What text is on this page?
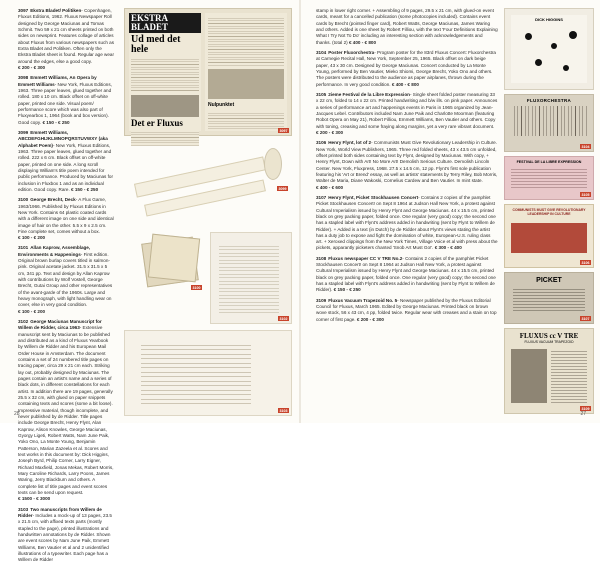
3097 Ekstra Bladet/ Politiken- Copenhagen, Fluxus Editions, 1962. Fluxus Newspaper Roll designed by George Maciunas and Tomas Schmit. Two 59 x 21 cm sheets printed on both sides on newsprint. Features collage of articles about Fluxus from various newspapers such as Extra Bladet and Politiken. Often only the Ekstra Bladet sheet is found. Regular age wear around the edges, else a good copy. € 200 - € 300

3098 Emmett Williams, An Opera by Emmett Williams- New York, Fluxus Editions, 1963. Three paper leaves, glued together and rolled. 180 x 10 cm. Black offset on off-white paper, printed one side. Visual poem/ performance score which was also part of Fluxyearbox 1, 1964 (book and box version). Good copy. € 150 - € 250

3099 Emmett Williams, ABCDEFGHIJKLMNOPQRSTUVWXY (aka Alphabet Poem)- New York, Fluxus Editions, 1963. Three paper leaves, glued together and rolled. 222 x 6 cm. Black offset on off-white paper, printed on one side. A long scroll displaying William's title poem intended for public performance. Produced by Maciunas for inclusion in Fluxbox 1 and as an individual edition. Good copy. Rare. € 150 - € 250

3100 George Brecht, Deck- A Flux Game, 1963/1966. Published by Fluxus Editions in New York. Contains 64 plastic coated cards with a different image on one side and identical image of hair on the other. 5.5 x 9 x 2.5 cm. Fine complete set, comes without a box. € 100 - € 200

3101 Allan Kaprow, Assemblage, Environments & Happenings- First edition. Original brown burlap covers titled in salmon-pink. Original acetate jacket. 31.5 x 31.5 x 5 cm, 341 pp. Text and design by Allan Kaprow with contributions by Wolf Vostell, George Brecht, Gutai Group and other representatives of the avant-garde of the 1960s. Large and heavy monograph, with light handling wear on cover, else in very good condition. € 100 - € 200

3102 George Maciunas Manuscript for Willem de Ridder, circa 1963- Extensive manuscript sent by Maciunas to be published and distributed as a kind of Fluxus Yearbook by Willem de Ridder and his European Mail Order House in Amsterdam. The document contains a set of 24 numbered title pages on tracing paper, circa 29 x 21 cm each. Striking lay out, probably designed by Maciunas. The pages contain an artist's name and a series of black dots, in different constellations for each artist. In addition there are 19 pages, generally 25.5 x 32 cm, with glued on paper snippets containing texts and scores (some a bit loose). Impressive material, though incomplete, and never published by de Ridder. Title pages include George Brecht, Henry Flynt, Alan Kaprow, Alison Knowles, George Maciunas, Gyorgy Ligeti, Robert Watts, Nam June Paik, Yoko Ono, La Monte Young, Benjamin Patterson, Marian Zazeela et al. Scores and text works in this document by: Dick Higgins, Joseph Byrd, Philip Corner, Larry Eigner, Richard Maxfield, Jonas Mekas, Robert Morris, Mary Caroline Richards, Larry Poons, James Waring, Jerry Blackburn and others. A complete list of title pages and event scores texts can be send upon request. € 1500 - € 3000

3103 Two manuscripts from Willem de Ridder- Includes a mock-up of 13 pages, 23.5 x 21.5 cm, with affixed texts parts (mostly stapled to the page), printed illustrations and handwritten annotations by de Ridder. Shown are event scores by Nam June Paik, Emmett Williams, Ben Vautier et al and 2 unidentified illustrations of a typewriter. Each page has a Willem de Ridder

EKSTRA BLADET
Ud med det hele
Det er Fluxus
Nulpunktet
3097
3099
3100
3102
3103
28

stamp in lower right corner. + Assembling of 9 pages, 29.5 x 21 cm, with glued-on event cards, meant for a cancelled publication (some photocopies included). Contains event cards by Brecht (pointed finger card), Robert Watts, George Maciunas, James Waring and others. Added is one sheet by Robert Filliou, with the text 'Four Definitions Explaining What I Try Not To Do' including an interesting section with acknowledgements and thanks. (total 2) € 400 - € 800

3104 Poster Fluxorchestra- Program poster for the 83rd Fluxus Concert: Fluxorchestra at Carnegie Recital Hall, New York, September 25, 1965. Black offset on dark beige paper, 43 x 30 cm. Designed by George Maciunas. Concert conducted by La Monte Young, performed by Ben Vautier, Mieko Shiomi, George Brecht, Yoko Ono and others. The posters were distributed to the audience as paper airplanes, thrown during the performance. In very good condition. € 400 - € 800

3105 2ieme Festival de la Libre Expression- Single sheet folded poster measuring 33 x 22 cm, folded to 14 x 22 cm. Printed handwriting and b/w ills. on pink paper. Announces a series of performance art and happenings events in Paris in 1965 organized by Jean-Jacques Lebel. Contributors included Nam June Paik and Charlotte Moorman (featuring Robot Opera on May 21), Robert Filliou, Emmett Williams, Ben Vautier and others. Copy with toning, creasing and some fraying along margins, yet a very rare vibrant document. € 200 - € 300

3106 Henry Flynt, lot of 2- Communists Must Give Revolutionary Leadership in Culture. New York, World View Publishers, 1965. Three red folded sheets, 43 x 43.5 cm unfolded, offset printed both sides containing text by Flynt, designed by Maciunas. With copy, + Henry Flynt, Down with Art! No More Art! Demolish Serious Culture. Demolish Lincoln Center. New York, Fluxpress, 1968. 27.5 x 14.5 cm, 12 pp. Flynt's first sole publication featuring his 'Art or Brend' essay, as well as artists' statements by Terry Riley, Bob Morris, Walter de Maria, Diane Wakoski, Cornelius Cardew and Ben Vautier. In mint state. € 400 - € 600

3107 Henry Flynt, Picket Stockhausen Concert- Contains 2 copies of the pamphlet Picket Stockhausen Concert! on Sept 8 1964 at Judson Hall New York, a protest against Cultural Imperialism issued by Henry Flynt and George Maciunas. 44 x 15.5 cm, printed black on grey packing paper, folded once. One regular (very good) copy; the second one has a stapled label with Flynt's address added in handwriting (sent by Flynt to Willem de Ridder). + Added is a text (in Dutch) by de Ridder about Flynt's views stating the artist has a duty job to expose and fight the domination of white, European-U.S. ruling class art. + Xeroxed clippings from the New York Times, Village Voice et al with press about the pickets, apparantly picketers chanted 'Snob Art Must Go!'. € 300 - € 400

3108 Fluxus newspaper CC V TRE No.2- Contains 2 copies of the pamphlet Picket Stockhausen Concert! on Sept 8 1964 at Judson Hall New York, a protest against Cultural Imperialism issued by Henry Flynt and George Maciunas. 44 x 15.5 cm, printed black on grey packing paper, folded once. One regular (very good) copy; the second one has a stapled label with Flynt's address added in handwriting (sent by Flynt to Willem de Ridder). € 150 - € 250

3109 Fluxus Vacuum Trapezoid No. 5- Newspaper published by the Fluxus Editorial Council for Fluxus, March 1965. Edited by George Maciunas. Printed black on brown wove stock, 56 x 43 cm, 4 pp, folded twice. Regular wear with creases and a stain on top corner of first page. € 200 - € 300

DICK HIGGINS
FLUXORCHESTRA
3104
FESTIVAL DE LA LIBRE EXPRESSION
3105
COMMUNISTS MUST GIVE REVOLUTIONARY LEADERSHIP IN CULTURE
3106
PICKET
3107
FLUXUS cc V TRE
FLUXUS VACUUM TRAPEZOID
3109
27
